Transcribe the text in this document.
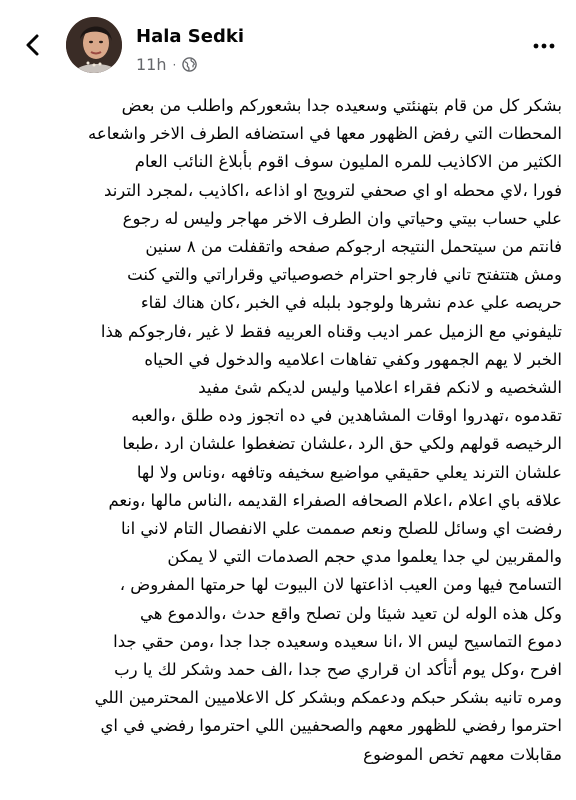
Hala Sedki
11h ·
بشكر كل من قام بتهنئتي وسعيده جدا بشعوركم واطلب من بعض
المحطات التي رفض الظهور معها في استضافه الطرف الاخر واشعاعه
الكثير من الاكاذيب للمره المليون سوف اقوم بأبلاغ النائب العام
فورا ،لاي محطه او اي صحفي لترويج او اذاعه ،اكاذيب ،لمجرد الترند
علي حساب بيتي وحياتي وان الطرف الاخر مهاجر وليس له رجوع
فانتم من سيتحمل النتيجه ارجوكم صفحه واتقفلت من ٨ سنين
ومش هتتفتح تاني فارجو احترام خصوصياتي وقراراتي والتي كنت
حريصه علي عدم نشرها ولوجود بلبله في الخبر ،كان هناك لقاء
تليفوني مع الزميل عمر اديب وقناه العربيه فقط لا غير ،فارجوكم هذا
الخبر لا يهم الجمهور وكفي تفاهات اعلاميه والدخول في الحياه
الشخصيه و لانكم فقراء اعلاميا وليس لديكم شئ مفيد
تقدموه ،تهدروا اوقات المشاهدين في ده اتجوز وده طلق ،والعبه
الرخيصه قولهم ولكي حق الرد ،علشان تضغطوا علشان ارد ،طبعا
علشان الترند يعلي حقيقي مواضيع سخيفه وتافهه ،وناس ولا لها
علاقه باي اعلام ،اعلام الصحافه الصفراء القديمه ،الناس مالها ،ونعم
رفضت اي وسائل للصلح ونعم صممت علي الانفصال التام لاني انا
والمقربين لي جدا يعلموا مدي حجم الصدمات التي لا يمكن
التسامح فيها ومن العيب اذاعتها لان البيوت لها حرمتها المفروض ،
وكل هذه الوله لن تعيد شيئا ولن تصلح واقع حدث ،والدموع هي
دموع التماسيح ليس الا ،انا سعيده وسعيده جدا جدا ،ومن حقي جدا
افرح ،وكل يوم أتأكد ان قراري صح جدا ،الف حمد وشكر لك يا رب
ومره تانيه بشكر حبكم ودعمكم وبشكر كل الاعلاميين المحترمين اللي
احترموا رفضي للظهور معهم والصحفيين اللي احترموا رفضي في اي
مقابلات معهم تخص الموضوع
